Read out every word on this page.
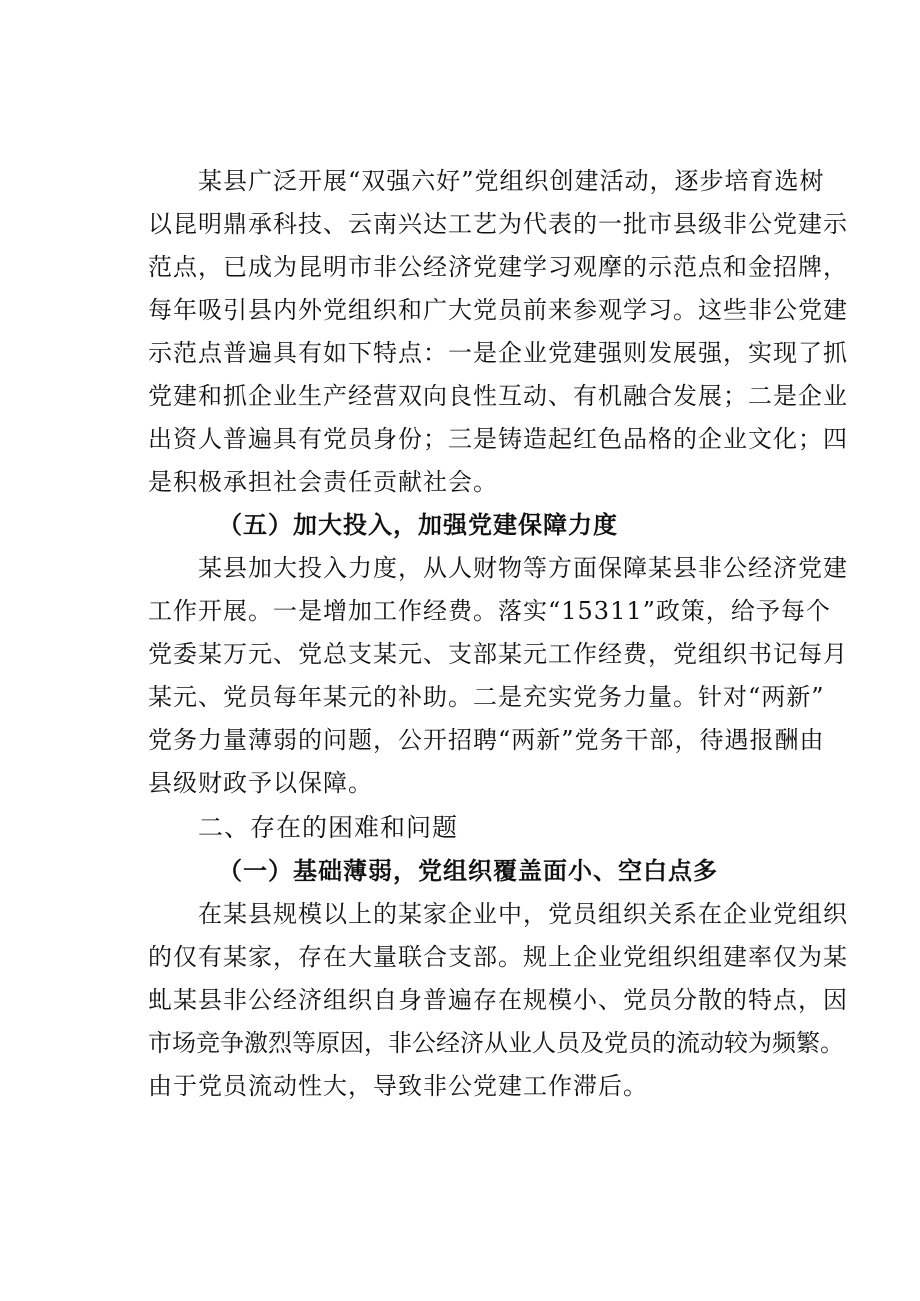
某县广泛开展“双强六好”党组织创建活动，逐步培育选树
以昆明鼎承科技、云南兴达工艺为代表的一批市县级非公党建示
范点，已成为昆明市非公经济党建学习观摩的示范点和金招牌，
每年吸引县内外党组织和广大党员前来参观学习。这些非公党建
示范点普遍具有如下特点：一是企业党建强则发展强，实现了抓
党建和抓企业生产经营双向良性互动、有机融合发展；二是企业
出资人普遍具有党员身份；三是铸造起红色品格的企业文化；四
是积极承担社会责任贡献社会。
（五）加大投入，加强党建保障力度
某县加大投入力度，从人财物等方面保障某县非公经济党建
工作开展。一是增加工作经费。落实“15311”政策，给予每个
党委某万元、党总支某元、支部某元工作经费，党组织书记每月
某元、党员每年某元的补助。二是充实党务力量。针对“两新”
党务力量薄弱的问题，公开招聘“两新”党务干部，待遇报酬由
县级财政予以保障。
二、存在的困难和问题
（一）基础薄弱，党组织覆盖面小、空白点多
在某县规模以上的某家企业中，党员组织关系在企业党组织
的仅有某家，存在大量联合支部。规上企业党组织组建率仅为某
虬某县非公经济组织自身普遍存在规模小、党员分散的特点，因
市场竞争激烈等原因，非公经济从业人员及党员的流动较为频繁。
由于党员流动性大，导致非公党建工作滞后。
